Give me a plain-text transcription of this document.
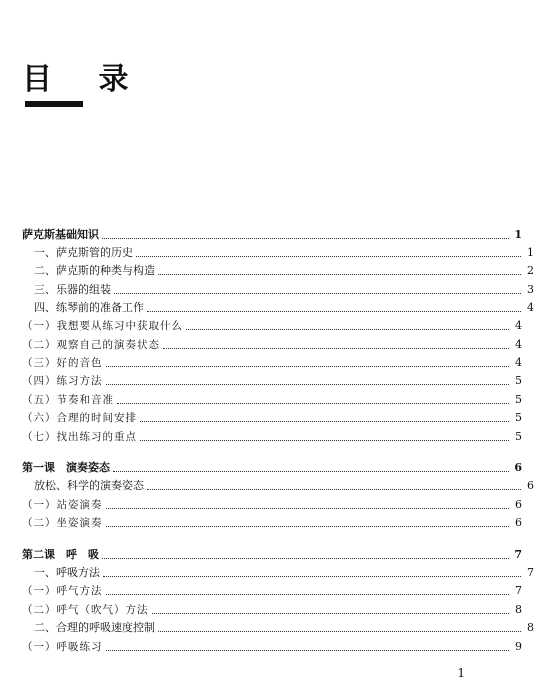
目 录
萨克斯基础知识	1
一、萨克斯管的历史	1
二、萨克斯的种类与构造	2
三、乐器的组装	3
四、练琴前的准备工作	4
（一）我想要从练习中获取什么	4
（二）观察自己的演奏状态	4
（三）好的音色	4
（四）练习方法	5
（五）节奏和音准	5
（六）合理的时间安排	5
（七）找出练习的重点	5
第一课　演奏姿态	6
放松、科学的演奏姿态	6
（一）站姿演奏	6
（二）坐姿演奏	6
第二课　呼　吸	7
一、呼吸方法	7
（一）呼气方法	7
（二）呼气（吹气）方法	8
二、合理的呼吸速度控制	8
（一）呼吸练习	9
1
